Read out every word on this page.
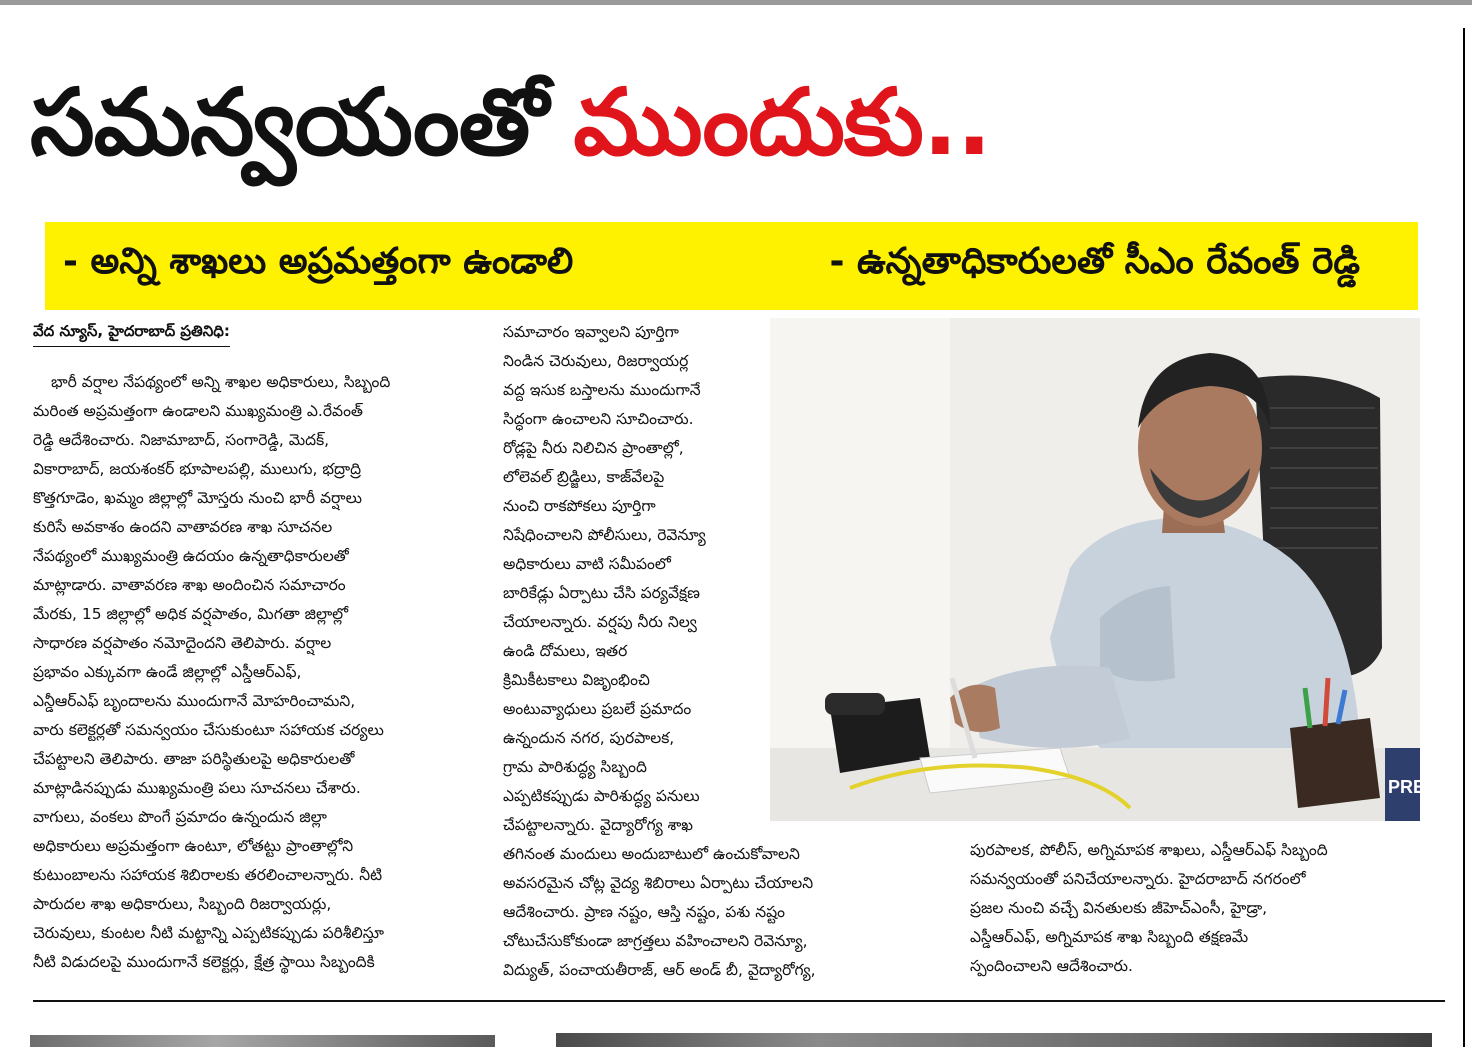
సమన్వయంతో ముందుకు..
- అన్ని శాఖలు అప్రమత్తంగా ఉండాలి	- ఉన్నతాధికారులతో సీఎం రేవంత్ రెడ్డి
వేద న్యూస్, హైదరాబాద్ ప్రతినిధి:
భారీ వర్షాల నేపథ్యంలో అన్ని శాఖల అధికారులు, సిబ్బంది
మరింత అప్రమత్తంగా ఉండాలని ముఖ్యమంత్రి ఎ.రేవంత్
రెడ్డి ఆదేశించారు. నిజామాబాద్, సంగారెడ్డి, మెదక్,
వికారాబాద్, జయశంకర్ భూపాలపల్లి, ములుగు, భద్రాద్రి
కొత్తగూడెం, ఖమ్మం జిల్లాల్లో మోస్తరు నుంచి భారీ వర్షాలు
కురిసే అవకాశం ఉందని వాతావరణ శాఖ సూచనల
నేపథ్యంలో ముఖ్యమంత్రి ఉదయం ఉన్నతాధికారులతో
మాట్లాడారు. వాతావరణ శాఖ అందించిన సమాచారం
మేరకు, 15 జిల్లాల్లో అధిక వర్షపాతం, మిగతా జిల్లాల్లో
సాధారణ వర్షపాతం నమోదైందని తెలిపారు. వర్షాల
ప్రభావం ఎక్కువగా ఉండే జిల్లాల్లో ఎస్డీఆర్ఎఫ్,
ఎన్డీఆర్ఎఫ్ బృందాలను ముందుగానే మోహరించామని,
వారు కలెక్టర్లతో సమన్వయం చేసుకుంటూ సహాయక చర్యలు
చేపట్టాలని తెలిపారు. తాజా పరిస్థితులపై అధికారులతో
మాట్లాడినప్పుడు ముఖ్యమంత్రి పలు సూచనలు చేశారు.
వాగులు, వంకలు పొంగే ప్రమాదం ఉన్నందున జిల్లా
అధికారులు అప్రమత్తంగా ఉంటూ, లోతట్టు ప్రాంతాల్లోని
కుటుంబాలను సహాయక శిబిరాలకు తరలించాలన్నారు. నీటి
పారుదల శాఖ అధికారులు, సిబ్బంది రిజర్వాయర్లు,
చెరువులు, కుంటల నీటి మట్టాన్ని ఎప్పటికప్పుడు పరిశీలిస్తూ
నీటి విడుదలపై ముందుగానే కలెక్టర్లు, క్షేత్ర స్థాయి సిబ్బందికి
సమాచారం ఇవ్వాలని పూర్తిగా
నిండిన చెరువులు, రిజర్వాయర్ల
వద్ద ఇసుక బస్తాలను ముందుగానే
సిద్ధంగా ఉంచాలని సూచించారు.
రోడ్లపై నీరు నిలిచిన ప్రాంతాల్లో,
లోలెవల్ బ్రిడ్జిలు, కాజ్‌వేలపై
నుంచి రాకపోకలు పూర్తిగా
నిషేధించాలని పోలీసులు, రెవెన్యూ
అధికారులు వాటి సమీపంలో
బారికేడ్లు ఏర్పాటు చేసి పర్యవేక్షణ
చేయాలన్నారు. వర్షపు నీరు నిల్వ
ఉండి దోమలు, ఇతర
క్రిమికీటకాలు విజృంభించి
అంటువ్యాధులు ప్రబలే ప్రమాదం
ఉన్నందున నగర, పురపాలక,
గ్రామ పారిశుద్ధ్య సిబ్బంది
ఎప్పటికప్పుడు పారిశుద్ధ్య పనులు
చేపట్టాలన్నారు. వైద్యారోగ్య శాఖ
తగినంత మందులు అందుబాటులో ఉంచుకోవాలని
అవసరమైన చోట్ల వైద్య శిబిరాలు ఏర్పాటు చేయాలని
ఆదేశించారు. ప్రాణ నష్టం, ఆస్తి నష్టం, పశు నష్టం
చోటుచేసుకోకుండా జాగ్రత్తలు వహించాలని రెవెన్యూ,
విద్యుత్, పంచాయతీరాజ్, ఆర్ అండ్ బీ, వైద్యారోగ్య,
పురపాలక, పోలీస్, అగ్నిమాపక శాఖలు, ఎస్డీఆర్ఎఫ్ సిబ్బంది
సమన్వయంతో పనిచేయాలన్నారు. హైదరాబాద్ నగరంలో
ప్రజల నుంచి వచ్చే వినతులకు జీహెచ్ఎంసీ, హైడ్రా,
ఎస్డీఆర్ఎఫ్, అగ్నిమాపక శాఖ సిబ్బంది తక్షణమే
స్పందించాలని ఆదేశించారు.
PRE
